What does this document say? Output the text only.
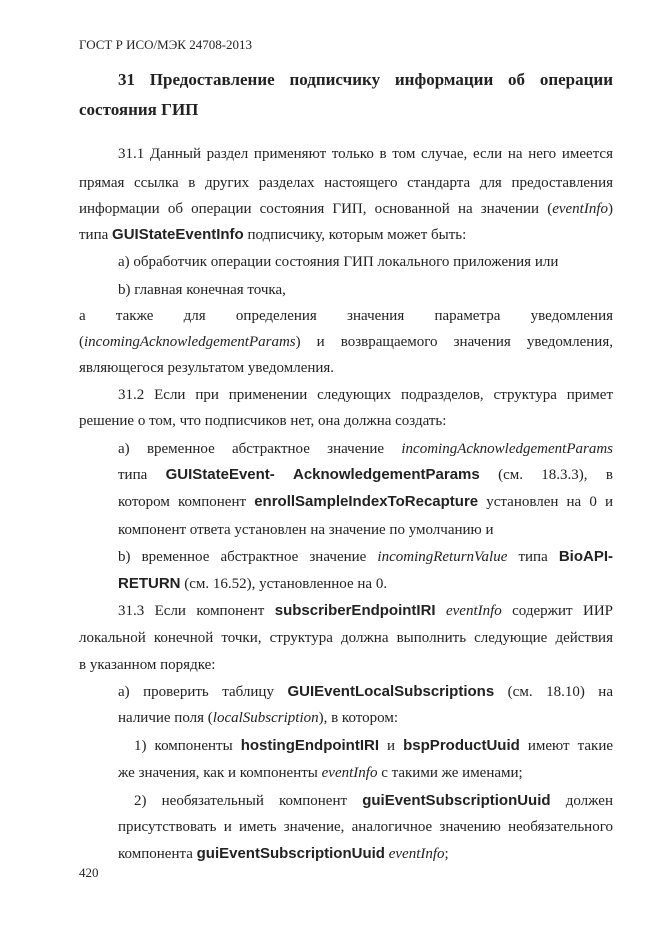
ГОСТ Р ИСО/МЭК 24708-2013
31 Предоставление подписчику информации об операции
состояния ГИП
31.1 Данный раздел применяют только в том случае, если на него имеется
прямая ссылка в других разделах настоящего стандарта для предоставления
информации об операции состояния ГИП, основанной на значении (eventInfo)
типа GUIStateEventInfo подписчику, которым может быть:
a) обработчик операции состояния ГИП локального приложения или
b) главная конечная точка,
а также для определения значения параметра уведомления
(incomingAcknowledgementParams) и возвращаемого значения уведомления,
являющегося результатом уведомления.
31.2 Если при применении следующих подразделов, структура примет
решение о том, что подписчиков нет, она должна создать:
a) временное абстрактное значение incomingAcknowledgementParams
типа GUIStateEvent- AcknowledgementParams (см. 18.3.3), в
котором компонент enrollSampleIndexToRecapture установлен на 0 и
компонент ответа установлен на значение по умолчанию и
b) временное абстрактное значение incomingReturnValue типа BioAPI-
RETURN (см. 16.52), установленное на 0.
31.3 Если компонент subscriberEndpointIRI eventInfo содержит ИИР
локальной конечной точки, структура должна выполнить следующие действия
в указанном порядке:
a) проверить таблицу GUIEventLocalSubscriptions (см. 18.10) на
наличие поля (localSubscription), в котором:
1) компоненты hostingEndpointIRI и bspProductUuid имеют такие
же значения, как и компоненты eventInfo с такими же именами;
2) необязательный компонент guiEventSubscriptionUuid должен
присутствовать и иметь значение, аналогичное значению необязательного
компонента guiEventSubscriptionUuid eventInfo;
420
